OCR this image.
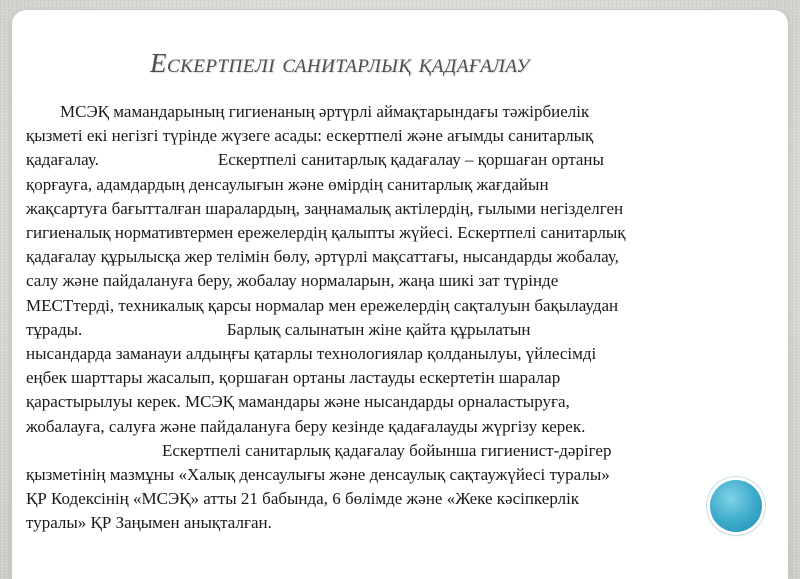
Ескертпелі санитарлық қадағалау
МСЭҚ мамандарының гигиенаның әртүрлі аймақтарындағы тәжірбиелік
қызметі екі негізгі түрінде жүзеге асады: ескертпелі және ағымды санитарлық
қадағалау.                            Ескертпелі санитарлық қадағалау – қоршаған ортаны
қорғауға, адамдардың денсаулығын және өмірдің санитарлық жағдайын
жақсартуға бағытталған шаралардың, заңнамалық актілердің, ғылыми негізделген
гигиеналық нормативтермен ережелердің қалыпты жүйесі. Ескертпелі санитарлық
қадағалау құрылысқа жер телімін бөлу, әртүрлі мақсаттағы, нысандарды жобалау,
салу және пайдалануға беру, жобалау нормаларын, жаңа шикі зат түрінде
МЕСТтерді, техникалық қарсы нормалар мен ережелердің сақталуын бақылаудан
тұрады.                                  Барлық салынатын жіне қайта құрылатын
нысандарда заманауи алдыңғы қатарлы технологиялар қолданылуы, үйлесімді
еңбек шарттары жасалып, қоршаған ортаны ластауды ескертетін шаралар
қарастырылуы керек. МСЭҚ мамандары және нысандарды орналастыруға,
жобалауға, салуға және пайдалануға беру кезінде қадағалауды жүргізу керек.
Ескертпелі санитарлық қадағалау бойынша гигиенист-дәрігер
қызметінің мазмұны «Халық денсаулығы және денсаулық сақтаужүйесі туралы»
ҚР Кодексінің «МСЭҚ» атты 21 бабында, 6 бөлімде және «Жеке кәсіпкерлік
туралы» ҚР Заңымен анықталған.
